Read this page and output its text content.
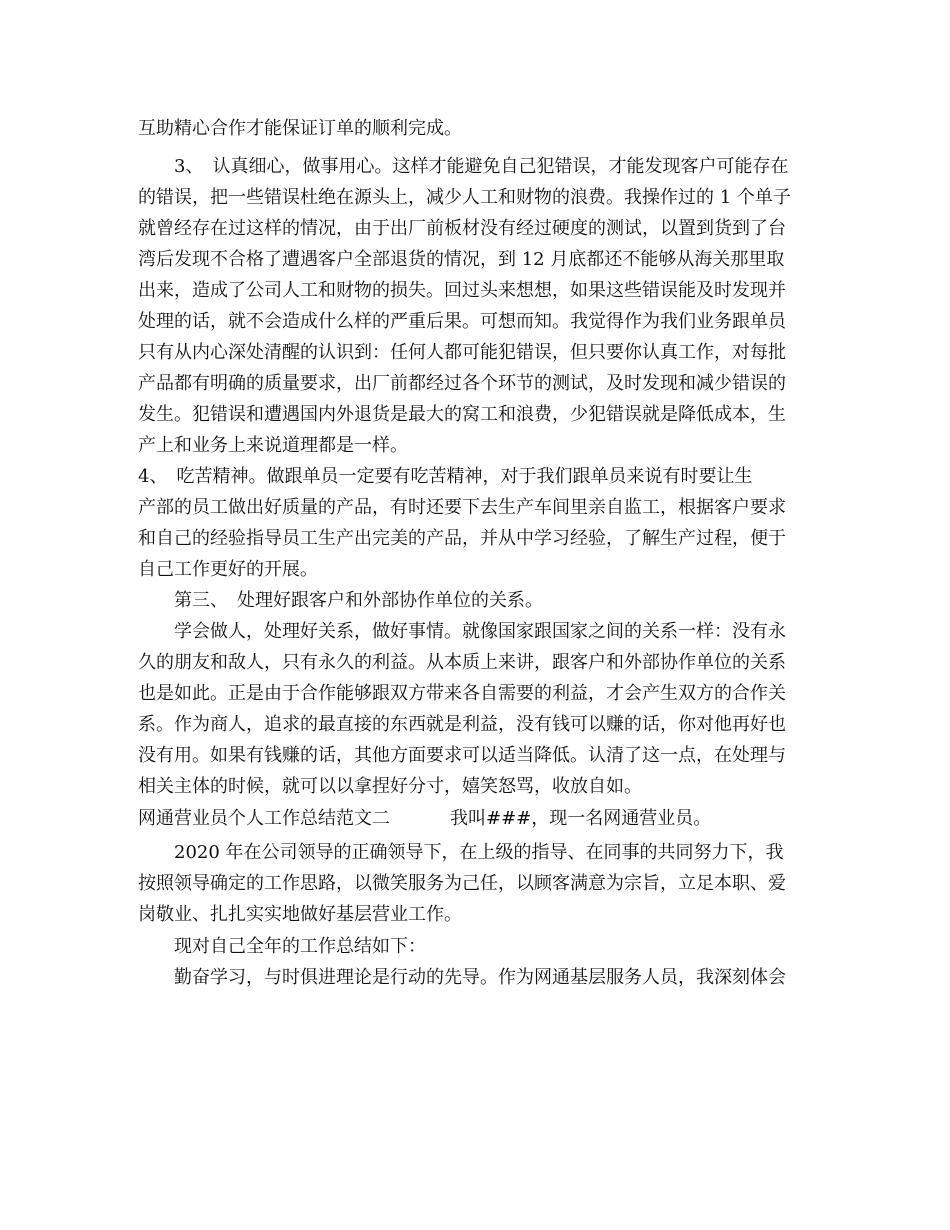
互助精心合作才能保证订单的顺利完成。
3、　认真细心，做事用心。这样才能避免自己犯错误，才能发现客户可能存在
的错误，把一些错误杜绝在源头上，减少人工和财物的浪费。我操作过的 1 个单子
就曾经存在过这样的情况，由于出厂前板材没有经过硬度的测试，以置到货到了台
湾后发现不合格了遭遇客户全部退货的情况，到 12 月底都还不能够从海关那里取
出来，造成了公司人工和财物的损失。回过头来想想，如果这些错误能及时发现并
处理的话，就不会造成什么样的严重后果。可想而知。我觉得作为我们业务跟单员
只有从内心深处清醒的认识到：任何人都可能犯错误，但只要你认真工作，对每批
产品都有明确的质量要求，出厂前都经过各个环节的测试，及时发现和减少错误的
发生。犯错误和遭遇国内外退货是最大的窝工和浪费，少犯错误就是降低成本，生
产上和业务上来说道理都是一样。
4、　吃苦精神。做跟单员一定要有吃苦精神，对于我们跟单员来说有时要让生
产部的员工做出好质量的产品，有时还要下去生产车间里亲自监工，根据客户要求
和自己的经验指导员工生产出完美的产品，并从中学习经验，了解生产过程，便于
自己工作更好的开展。
第三、　处理好跟客户和外部协作单位的关系。
学会做人，处理好关系，做好事情。就像国家跟国家之间的关系一样：没有永
久的朋友和敌人，只有永久的利益。从本质上来讲，跟客户和外部协作单位的关系
也是如此。正是由于合作能够跟双方带来各自需要的利益，才会产生双方的合作关
系。作为商人，追求的最直接的东西就是利益，没有钱可以赚的话，你对他再好也
没有用。如果有钱赚的话，其他方面要求可以适当降低。认清了这一点，在处理与
相关主体的时候，就可以以拿捏好分寸，嬉笑怒骂，收放自如。
网通营业员个人工作总结范文二	我叫###，现一名网通营业员。
2020 年在公司领导的正确领导下，在上级的指导、在同事的共同努力下，我
按照领导确定的工作思路，以微笑服务为己任，以顾客满意为宗旨，立足本职、爱
岗敬业、扎扎实实地做好基层营业工作。
现对自己全年的工作总结如下：
勤奋学习，与时俱进理论是行动的先导。作为网通基层服务人员，我深刻体会
